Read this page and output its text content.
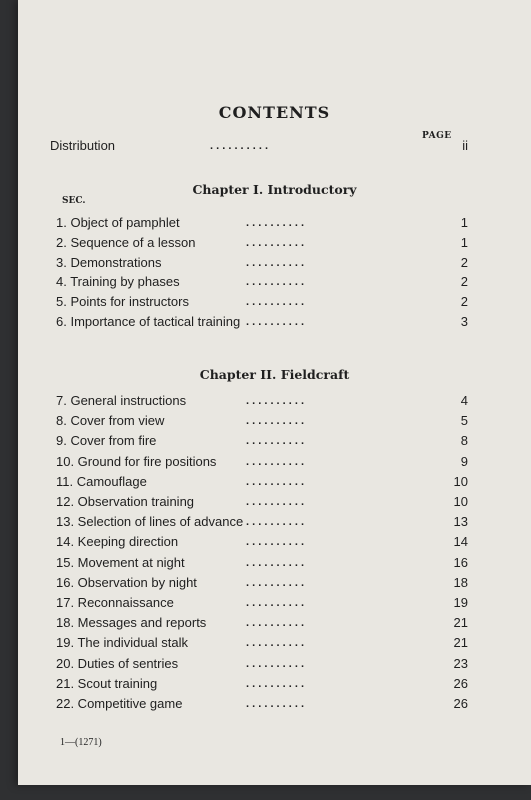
CONTENTS
PAGE
Distribution	. . . . . . . . . .	ii
Chapter I. Introductory
SEC.
1. Object of pamphlet	. . . . . . . . . .	1
2. Sequence of a lesson	. . . . . . . . . .	1
3. Demonstrations	. . . . . . . . . .	2
4. Training by phases	. . . . . . . . . .	2
5. Points for instructors	. . . . . . . . . .	2
6. Importance of tactical training . . . . . . . . . .	3
Chapter II. Fieldcraft
7. General instructions	. . . . . . . . . .	4
8. Cover from view	. . . . . . . . . .	5
9. Cover from fire	. . . . . . . . . .	8
10. Ground for fire positions	. . . . . . . . . .	9
11. Camouflage	. . . . . . . . . .	10
12. Observation training	. . . . . . . . . .	10
13. Selection of lines of advance . . . . . . . . . .	13
14. Keeping direction	. . . . . . . . . .	14
15. Movement at night	. . . . . . . . . .	16
16. Observation by night	. . . . . . . . . .	18
17. Reconnaissance	. . . . . . . . . .	19
18. Messages and reports	. . . . . . . . . .	21
19. The individual stalk	. . . . . . . . . .	21
20. Duties of sentries	. . . . . . . . . .	23
21. Scout training	. . . . . . . . . .	26
22. Competitive game	. . . . . . . . . .	26
1—(1271)
